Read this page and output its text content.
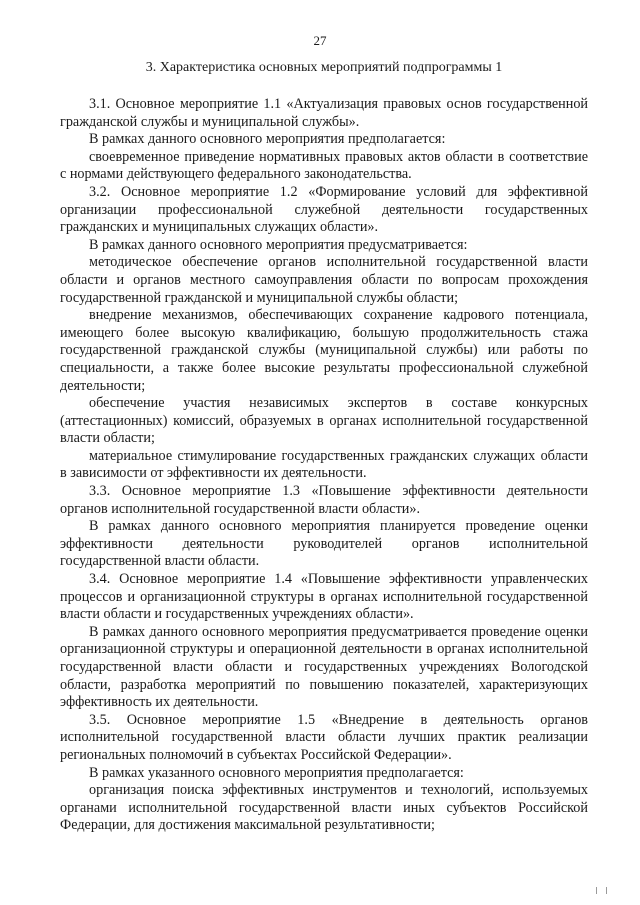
27
3. Характеристика основных мероприятий подпрограммы 1

3.1. Основное мероприятие 1.1 «Актуализация правовых основ государственной гражданской службы и муниципальной службы».

В рамках данного основного мероприятия предполагается:

своевременное приведение нормативных правовых актов области в соответствие с нормами действующего федерального законодательства.

3.2. Основное мероприятие 1.2 «Формирование условий для эффективной организации профессиональной служебной деятельности государственных гражданских и муниципальных служащих области».

В рамках данного основного мероприятия предусматривается:

методическое обеспечение органов исполнительной государственной власти области и органов местного самоуправления области по вопросам прохождения государственной гражданской и муниципальной службы области;

внедрение механизмов, обеспечивающих сохранение кадрового потенциала, имеющего более высокую квалификацию, большую продолжительность стажа государственной гражданской службы (муниципальной службы) или работы по специальности, а также более высокие результаты профессиональной служебной деятельности;

обеспечение участия независимых экспертов в составе конкурсных (аттестационных) комиссий, образуемых в органах исполнительной государственной власти области;

материальное стимулирование государственных гражданских служащих области в зависимости от эффективности их деятельности.

3.3. Основное мероприятие 1.3 «Повышение эффективности деятельности органов исполнительной государственной власти области».

В рамках данного основного мероприятия планируется проведение оценки эффективности деятельности руководителей органов исполнительной государственной власти области.

3.4. Основное мероприятие 1.4 «Повышение эффективности управленческих процессов и организационной структуры в органах исполнительной государственной власти области и государственных учреждениях области».

В рамках данного основного мероприятия предусматривается проведение оценки организационной структуры и операционной деятельности в органах исполнительной государственной власти области и государственных учреждениях Вологодской области, разработка мероприятий по повышению показателей, характеризующих эффективность их деятельности.

3.5. Основное мероприятие 1.5 «Внедрение в деятельность органов исполнительной государственной власти области лучших практик реализации региональных полномочий в субъектах Российской Федерации».

В рамках указанного основного мероприятия предполагается:

организация поиска эффективных инструментов и технологий, используемых органами исполнительной государственной власти иных субъектов Российской Федерации, для достижения максимальной результативности;
